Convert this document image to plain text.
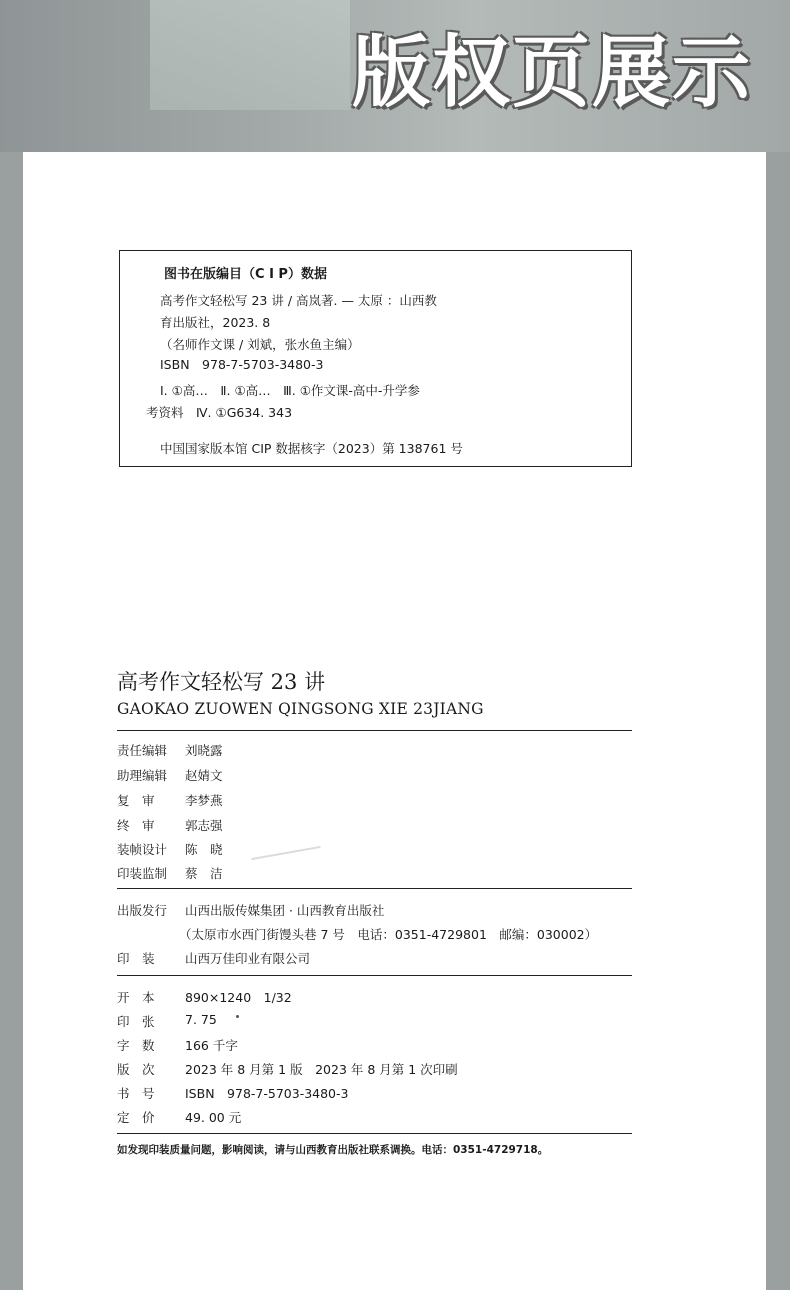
版权页展示
图书在版编目（C I P）数据
高考作文轻松写 23 讲 / 高岚著. — 太原 ：山西教
育出版社，2023. 8
（名师作文课 / 刘斌，张水鱼主编）
ISBN　978-7-5703-3480-3
Ⅰ. ①高…　Ⅱ. ①高…　Ⅲ. ①作文课-高中-升学参
考资料　Ⅳ. ①G634. 343
中国国家版本馆 CIP 数据核字（2023）第 138761 号
高考作文轻松写 23 讲
GAOKAO ZUOWEN QINGSONG XIE 23JIANG
责任编辑 刘晓露
助理编辑 赵婧文
复　审 李梦燕
终　审 郭志强
装帧设计 陈　晓
印装监制 蔡　洁
出版发行 山西出版传媒集团 · 山西教育出版社
（太原市水西门街馒头巷 7 号　电话：0351-4729801　邮编：030002）
印　装 山西万佳印业有限公司
开　本 890×1240　1/32
印　张 7. 75
字　数 166 千字
版　次 2023 年 8 月第 1 版　2023 年 8 月第 1 次印刷
书　号 ISBN　978-7-5703-3480-3
定　价 49. 00 元
如发现印装质量问题，影响阅读，请与山西教育出版社联系调换。电话：0351-4729718。
